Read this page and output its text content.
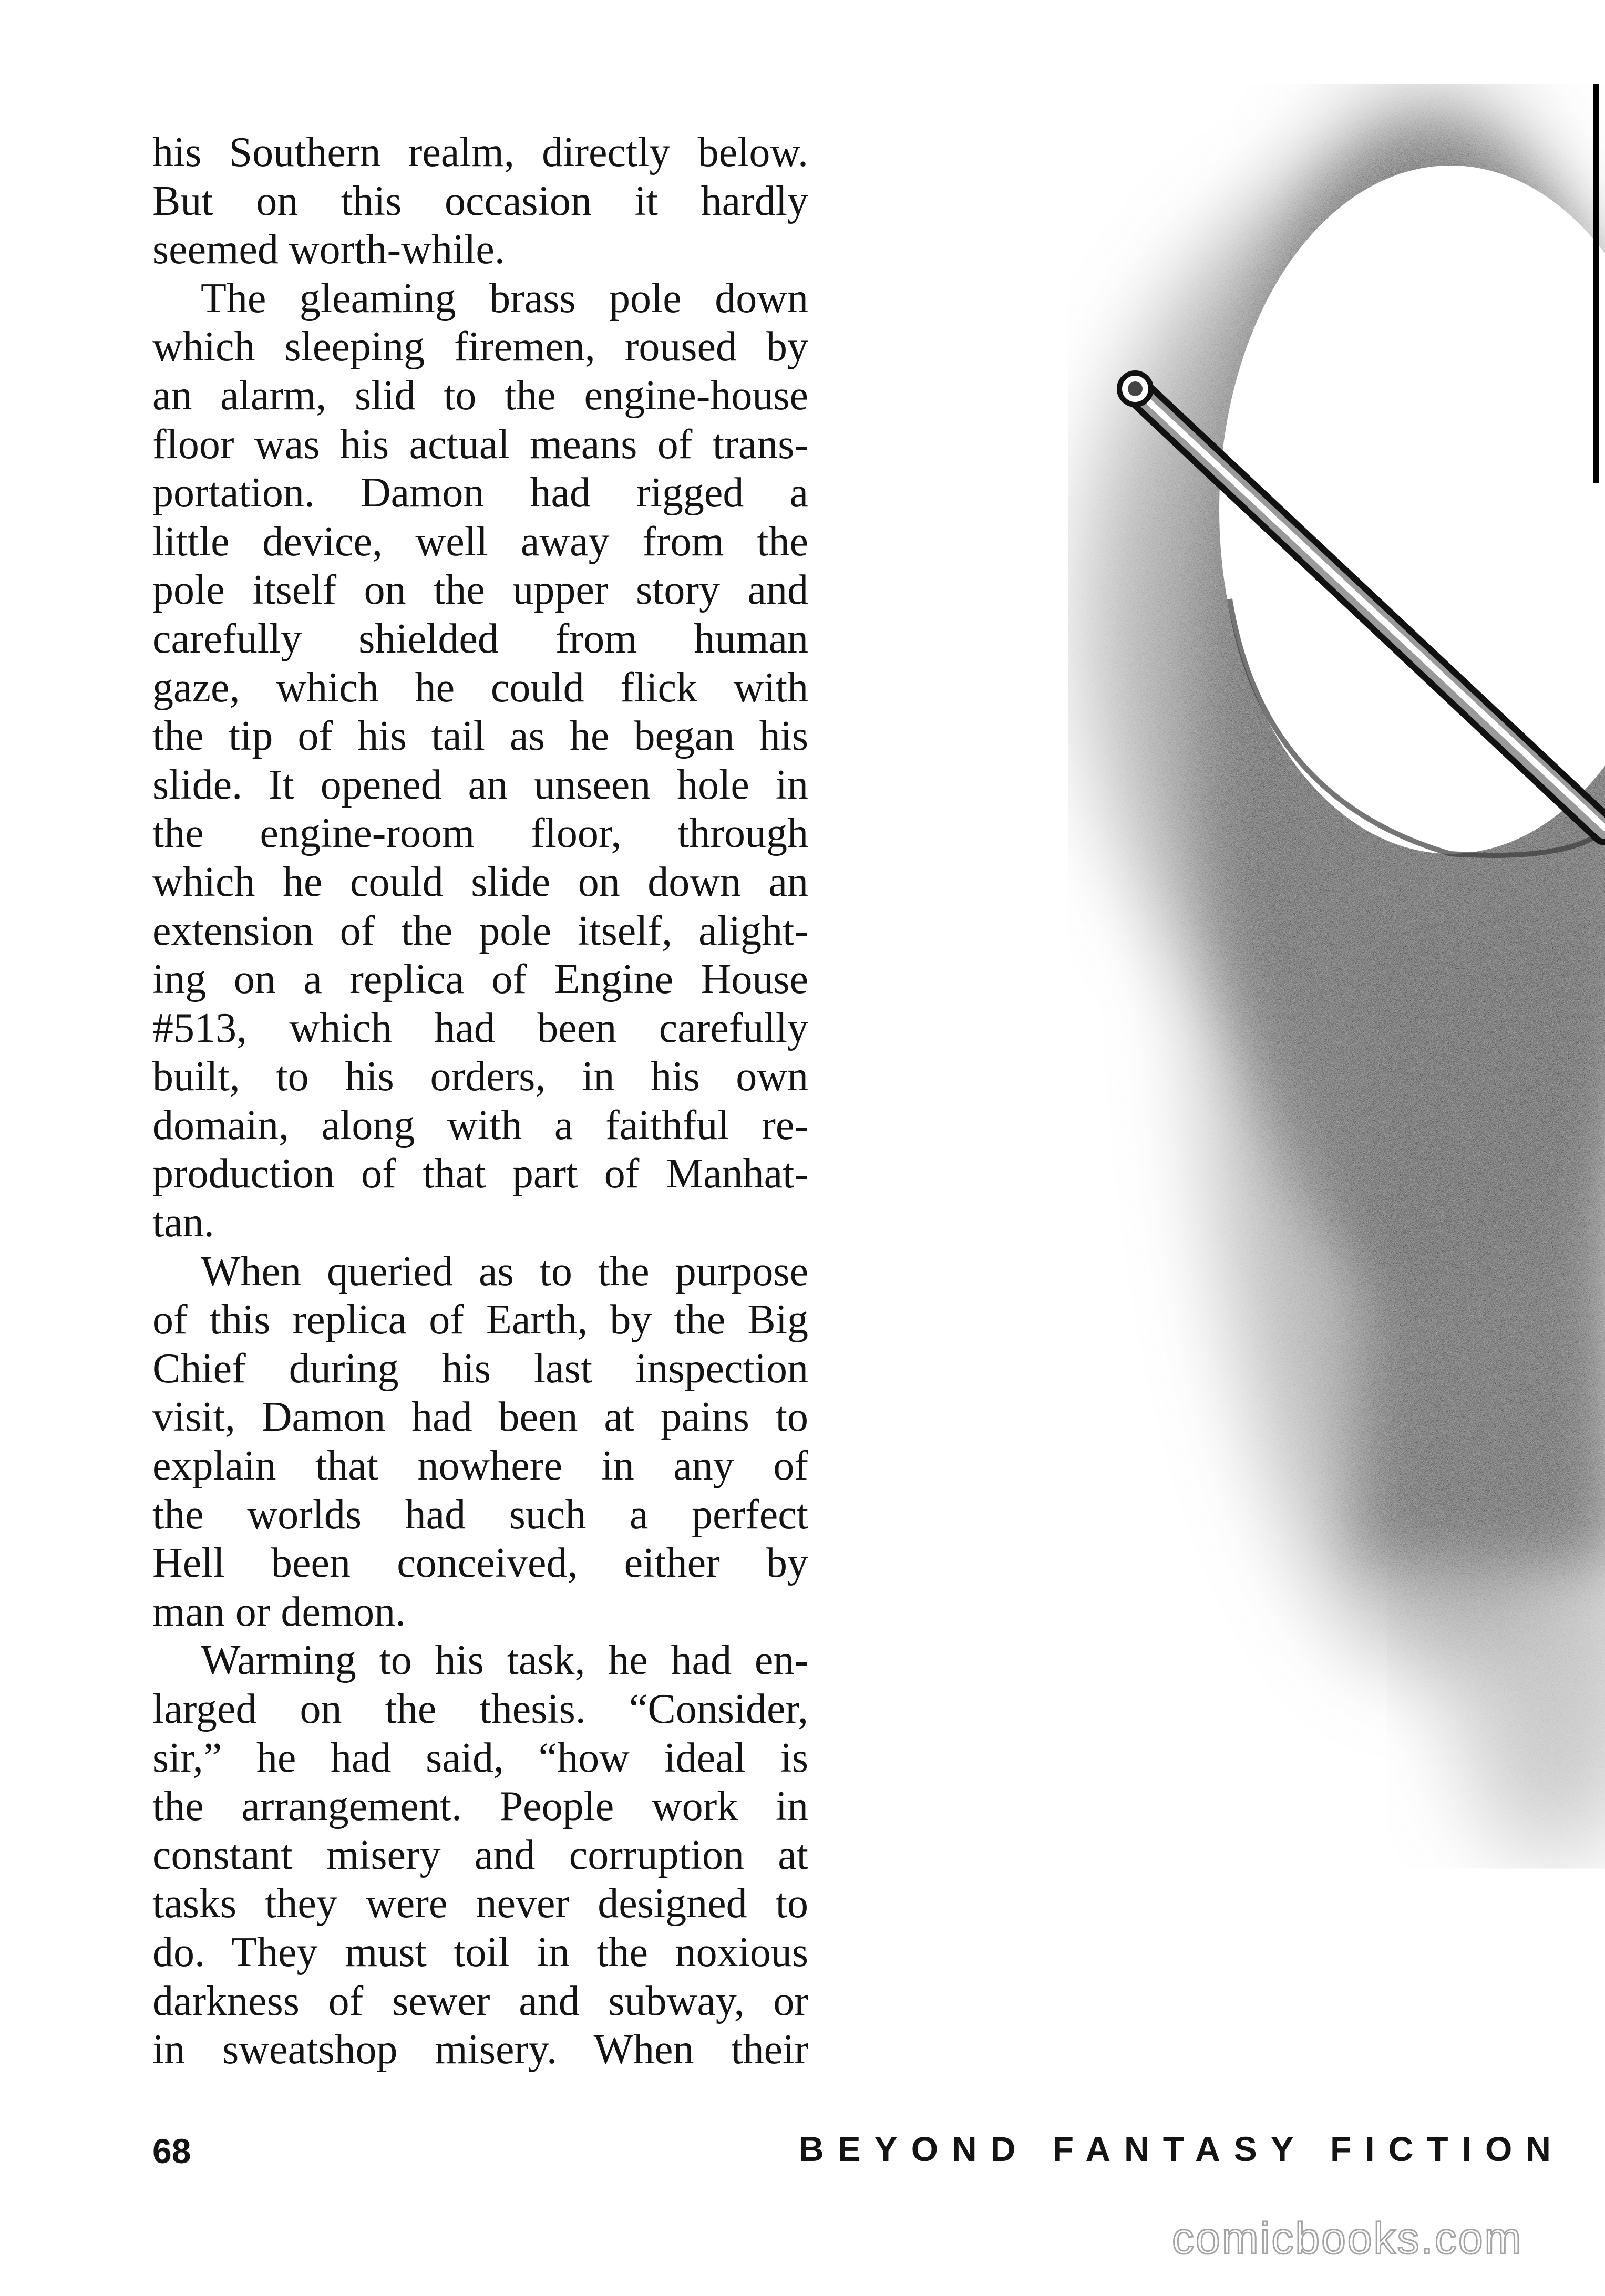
his Southern realm, directly below.
But on this occasion it hardly
seemed worth-while.
The gleaming brass pole down
which sleeping firemen, roused by
an alarm, slid to the engine-house
floor was his actual means of trans-
portation. Damon had rigged a
little device, well away from the
pole itself on the upper story and
carefully shielded from human
gaze, which he could flick with
the tip of his tail as he began his
slide. It opened an unseen hole in
the engine-room floor, through
which he could slide on down an
extension of the pole itself, alight-
ing on a replica of Engine House
#513, which had been carefully
built, to his orders, in his own
domain, along with a faithful re-
production of that part of Manhat-
tan.
When queried as to the purpose
of this replica of Earth, by the Big
Chief during his last inspection
visit, Damon had been at pains to
explain that nowhere in any of
the worlds had such a perfect
Hell been conceived, either by
man or demon.
Warming to his task, he had en-
larged on the thesis. “Consider,
sir,” he had said, “how ideal is
the arrangement. People work in
constant misery and corruption at
tasks they were never designed to
do. They must toil in the noxious
darkness of sewer and subway, or
in sweatshop misery. When their
68	BEYOND FANTASY FICTION
comicbooks.com
